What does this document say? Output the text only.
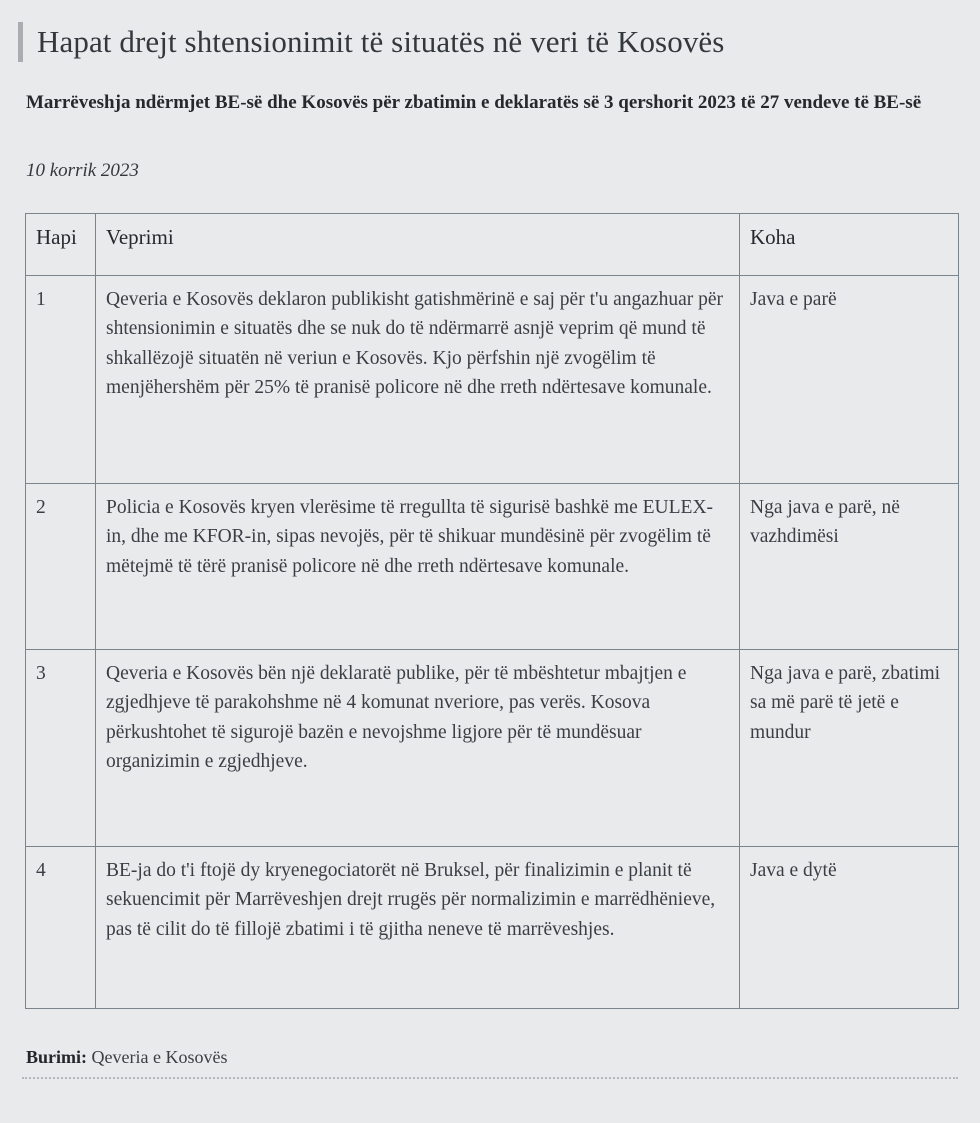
Hapat drejt shtensionimit të situatës në veri të Kosovës
Marrëveshja ndërmjet BE-së dhe Kosovës për zbatimin e deklaratës së 3 qershorit 2023 të 27 vendeve të BE-së
10 korrik 2023
Hapi	Veprimi	Koha
1	Qeveria e Kosovës deklaron publikisht gatishmërinë e saj për t'u angazhuar për shtensionimin e situatës dhe se nuk do të ndërmarrë asnjë veprim që mund të shkallëzojë situatën në veriun e Kosovës. Kjo përfshin një zvogëlim të menjëhershëm për 25% të pranisë policore në dhe rreth ndërtesave komunale.	Java e parë
2	Policia e Kosovës kryen vlerësime të rregullta të sigurisë bashkë me EULEX-in, dhe me KFOR-in, sipas nevojës, për të shikuar mundësinë për zvogëlim të mëtejmë të tërë pranisë policore në dhe rreth ndërtesave komunale.	Nga java e parë, në vazhdimësi
3	Qeveria e Kosovës bën një deklaratë publike, për të mbështetur mbajtjen e zgjedhjeve të parakohshme në 4 komunat nveriore, pas verës. Kosova përkushtohet të sigurojë bazën e nevojshme ligjore për të mundësuar organizimin e zgjedhjeve.	Nga java e parë, zbatimi sa më parë të jetë e mundur
4	BE-ja do t'i ftojë dy kryenegociatorët në Bruksel, për finalizimin e planit të sekuencimit për Marrëveshjen drejt rrugës për normalizimin e marrëdhënieve, pas të cilit do të fillojë zbatimi i të gjitha neneve të marrëveshjes.	Java e dytë
Burimi: Qeveria e Kosovës
